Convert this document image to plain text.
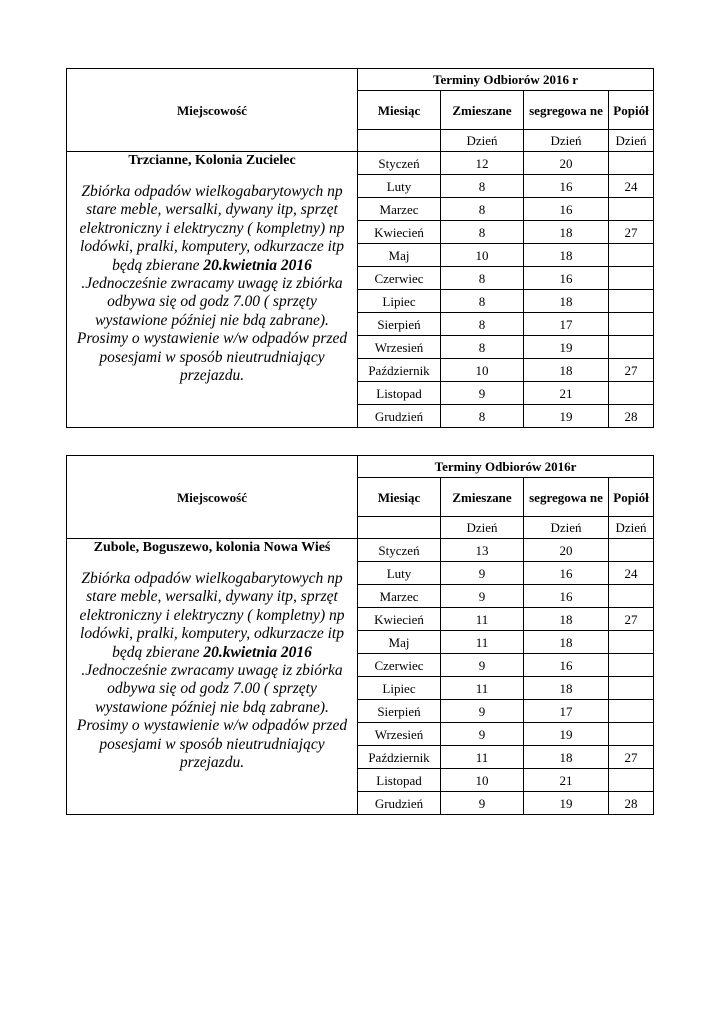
Miejscowość	Terminy Odbiorów 2016 r			
	Miesiąc	Zmieszane	segregowa ne	Popiół
		Dzień	Dzień	Dzień

Trzcianne, Kolonia Zucielec
Zbiórka odpadów wielkogabarytowych np stare meble, wersalki, dywany itp, sprzęt elektroniczny i elektryczny ( kompletny) np lodówki, pralki, komputery, odkurzacze itp będą zbierane 20.kwietnia 2016 .Jednocześnie zwracamy uwagę iz zbiórka odbywa się od godz 7.00 ( sprzęty wystawione później nie bdą zabrane). Prosimy o wystawienie w/w odpadów przed posesjami w sposób nieutrudniający przejazdu.	Styczeń	12	20	
	Luty	8	16	24
	Marzec	8	16	
	Kwiecień	8	18	27
	Maj	10	18	
	Czerwiec	8	16	
	Lipiec	8	18	
	Sierpień	8	17	
	Wrzesień	8	19	
	Październik	10	18	27
	Listopad	9	21	
	Grudzień	8	19	28
Miejscowość	Terminy Odbiorów 2016r			
	Miesiąc	Zmieszane	segregowa ne	Popiół
		Dzień	Dzień	Dzień

Zubole, Boguszewo, kolonia Nowa Wieś
Zbiórka odpadów wielkogabarytowych np stare meble, wersalki, dywany itp, sprzęt elektroniczny i elektryczny ( kompletny) np lodówki, pralki, komputery, odkurzacze itp będą zbierane 20.kwietnia 2016 .Jednocześnie zwracamy uwagę iz zbiórka odbywa się od godz 7.00 ( sprzęty wystawione później nie bdą zabrane). Prosimy o wystawienie w/w odpadów przed posesjami w sposób nieutrudniający przejazdu.	Styczeń	13	20	
	Luty	9	16	24
	Marzec	9	16	
	Kwiecień	11	18	27
	Maj	11	18	
	Czerwiec	9	16	
	Lipiec	11	18	
	Sierpień	9	17	
	Wrzesień	9	19	
	Październik	11	18	27
	Listopad	10	21	
	Grudzień	9	19	28
